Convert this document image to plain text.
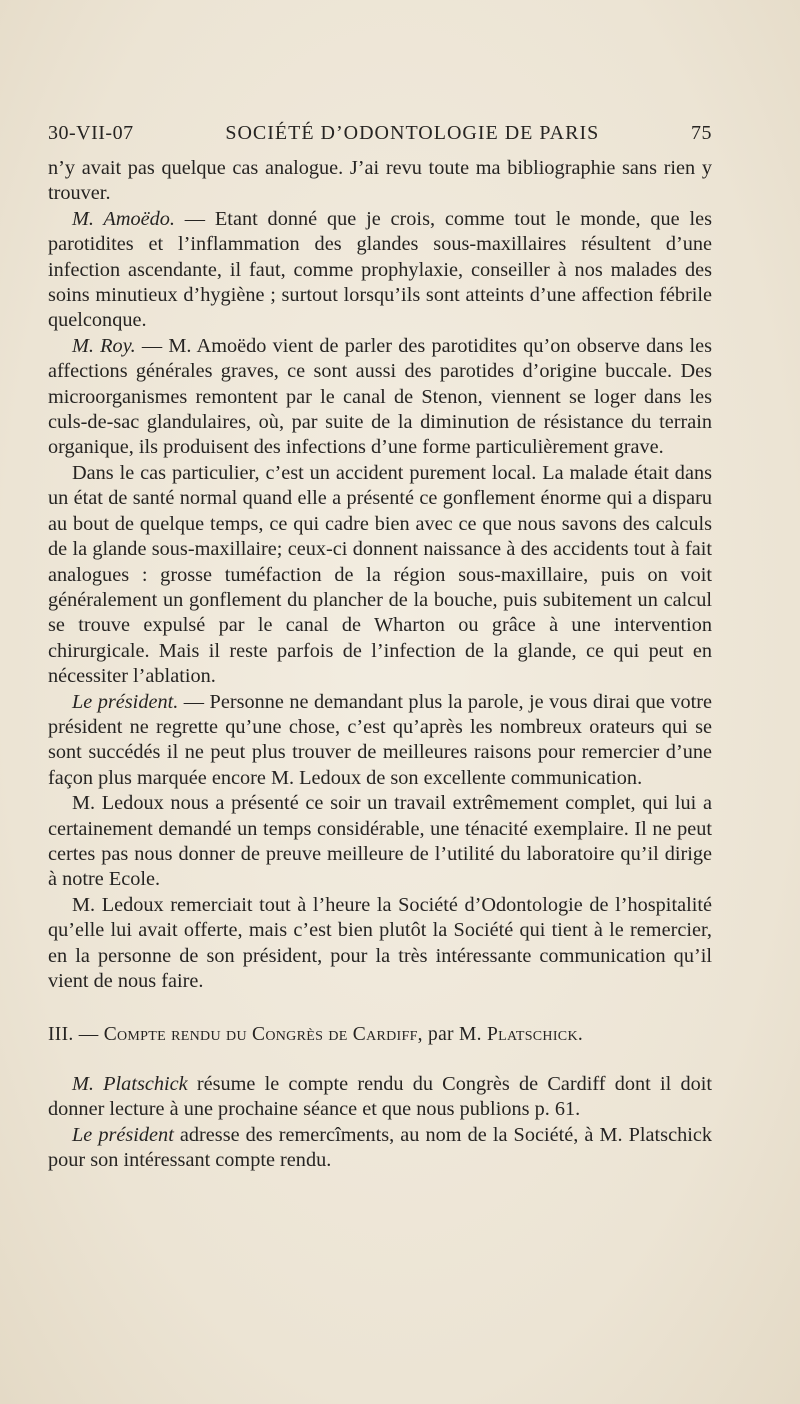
30-VII-07	SOCIÉTÉ D’ODONTOLOGIE DE PARIS	75

n’y avait pas quelque cas analogue. J’ai revu toute ma bibliographie sans rien y trouver.

M. Amoëdo. — Etant donné que je crois, comme tout le monde, que les parotidites et l’inflammation des glandes sous-maxillaires résultent d’une infection ascendante, il faut, comme prophylaxie, conseiller à nos malades des soins minutieux d’hygiène ; surtout lorsqu’ils sont atteints d’une affection fébrile quelconque.

M. Roy. — M. Amoëdo vient de parler des parotidites qu’on observe dans les affections générales graves, ce sont aussi des parotides d’origine buccale. Des microorganismes remontent par le canal de Stenon, viennent se loger dans les culs-de-sac glandulaires, où, par suite de la diminution de résistance du terrain organique, ils produisent des infections d’une forme particulièrement grave.

Dans le cas particulier, c’est un accident purement local. La malade était dans un état de santé normal quand elle a présenté ce gonflement énorme qui a disparu au bout de quelque temps, ce qui cadre bien avec ce que nous savons des calculs de la glande sous-maxillaire; ceux-ci donnent naissance à des accidents tout à fait analogues : grosse tuméfaction de la région sous-maxillaire, puis on voit généralement un gonflement du plancher de la bouche, puis subitement un calcul se trouve expulsé par le canal de Wharton ou grâce à une intervention chirurgicale. Mais il reste parfois de l’infection de la glande, ce qui peut en nécessiter l’ablation.

Le président. — Personne ne demandant plus la parole, je vous dirai que votre président ne regrette qu’une chose, c’est qu’après les nombreux orateurs qui se sont succédés il ne peut plus trouver de meilleures raisons pour remercier d’une façon plus marquée encore M. Ledoux de son excellente communication.

M. Ledoux nous a présenté ce soir un travail extrêmement complet, qui lui a certainement demandé un temps considérable, une ténacité exemplaire. Il ne peut certes pas nous donner de preuve meilleure de l’utilité du laboratoire qu’il dirige à notre Ecole.

M. Ledoux remerciait tout à l’heure la Société d’Odontologie de l’hospitalité qu’elle lui avait offerte, mais c’est bien plutôt la Société qui tient à le remercier, en la personne de son président, pour la très intéressante communication qu’il vient de nous faire.

III. — Compte rendu du Congrès de Cardiff, par M. Platschick.

M. Platschick résume le compte rendu du Congrès de Cardiff dont il doit donner lecture à une prochaine séance et que nous publions p. 61.

Le président adresse des remercîments, au nom de la Société, à M. Platschick pour son intéressant compte rendu.
